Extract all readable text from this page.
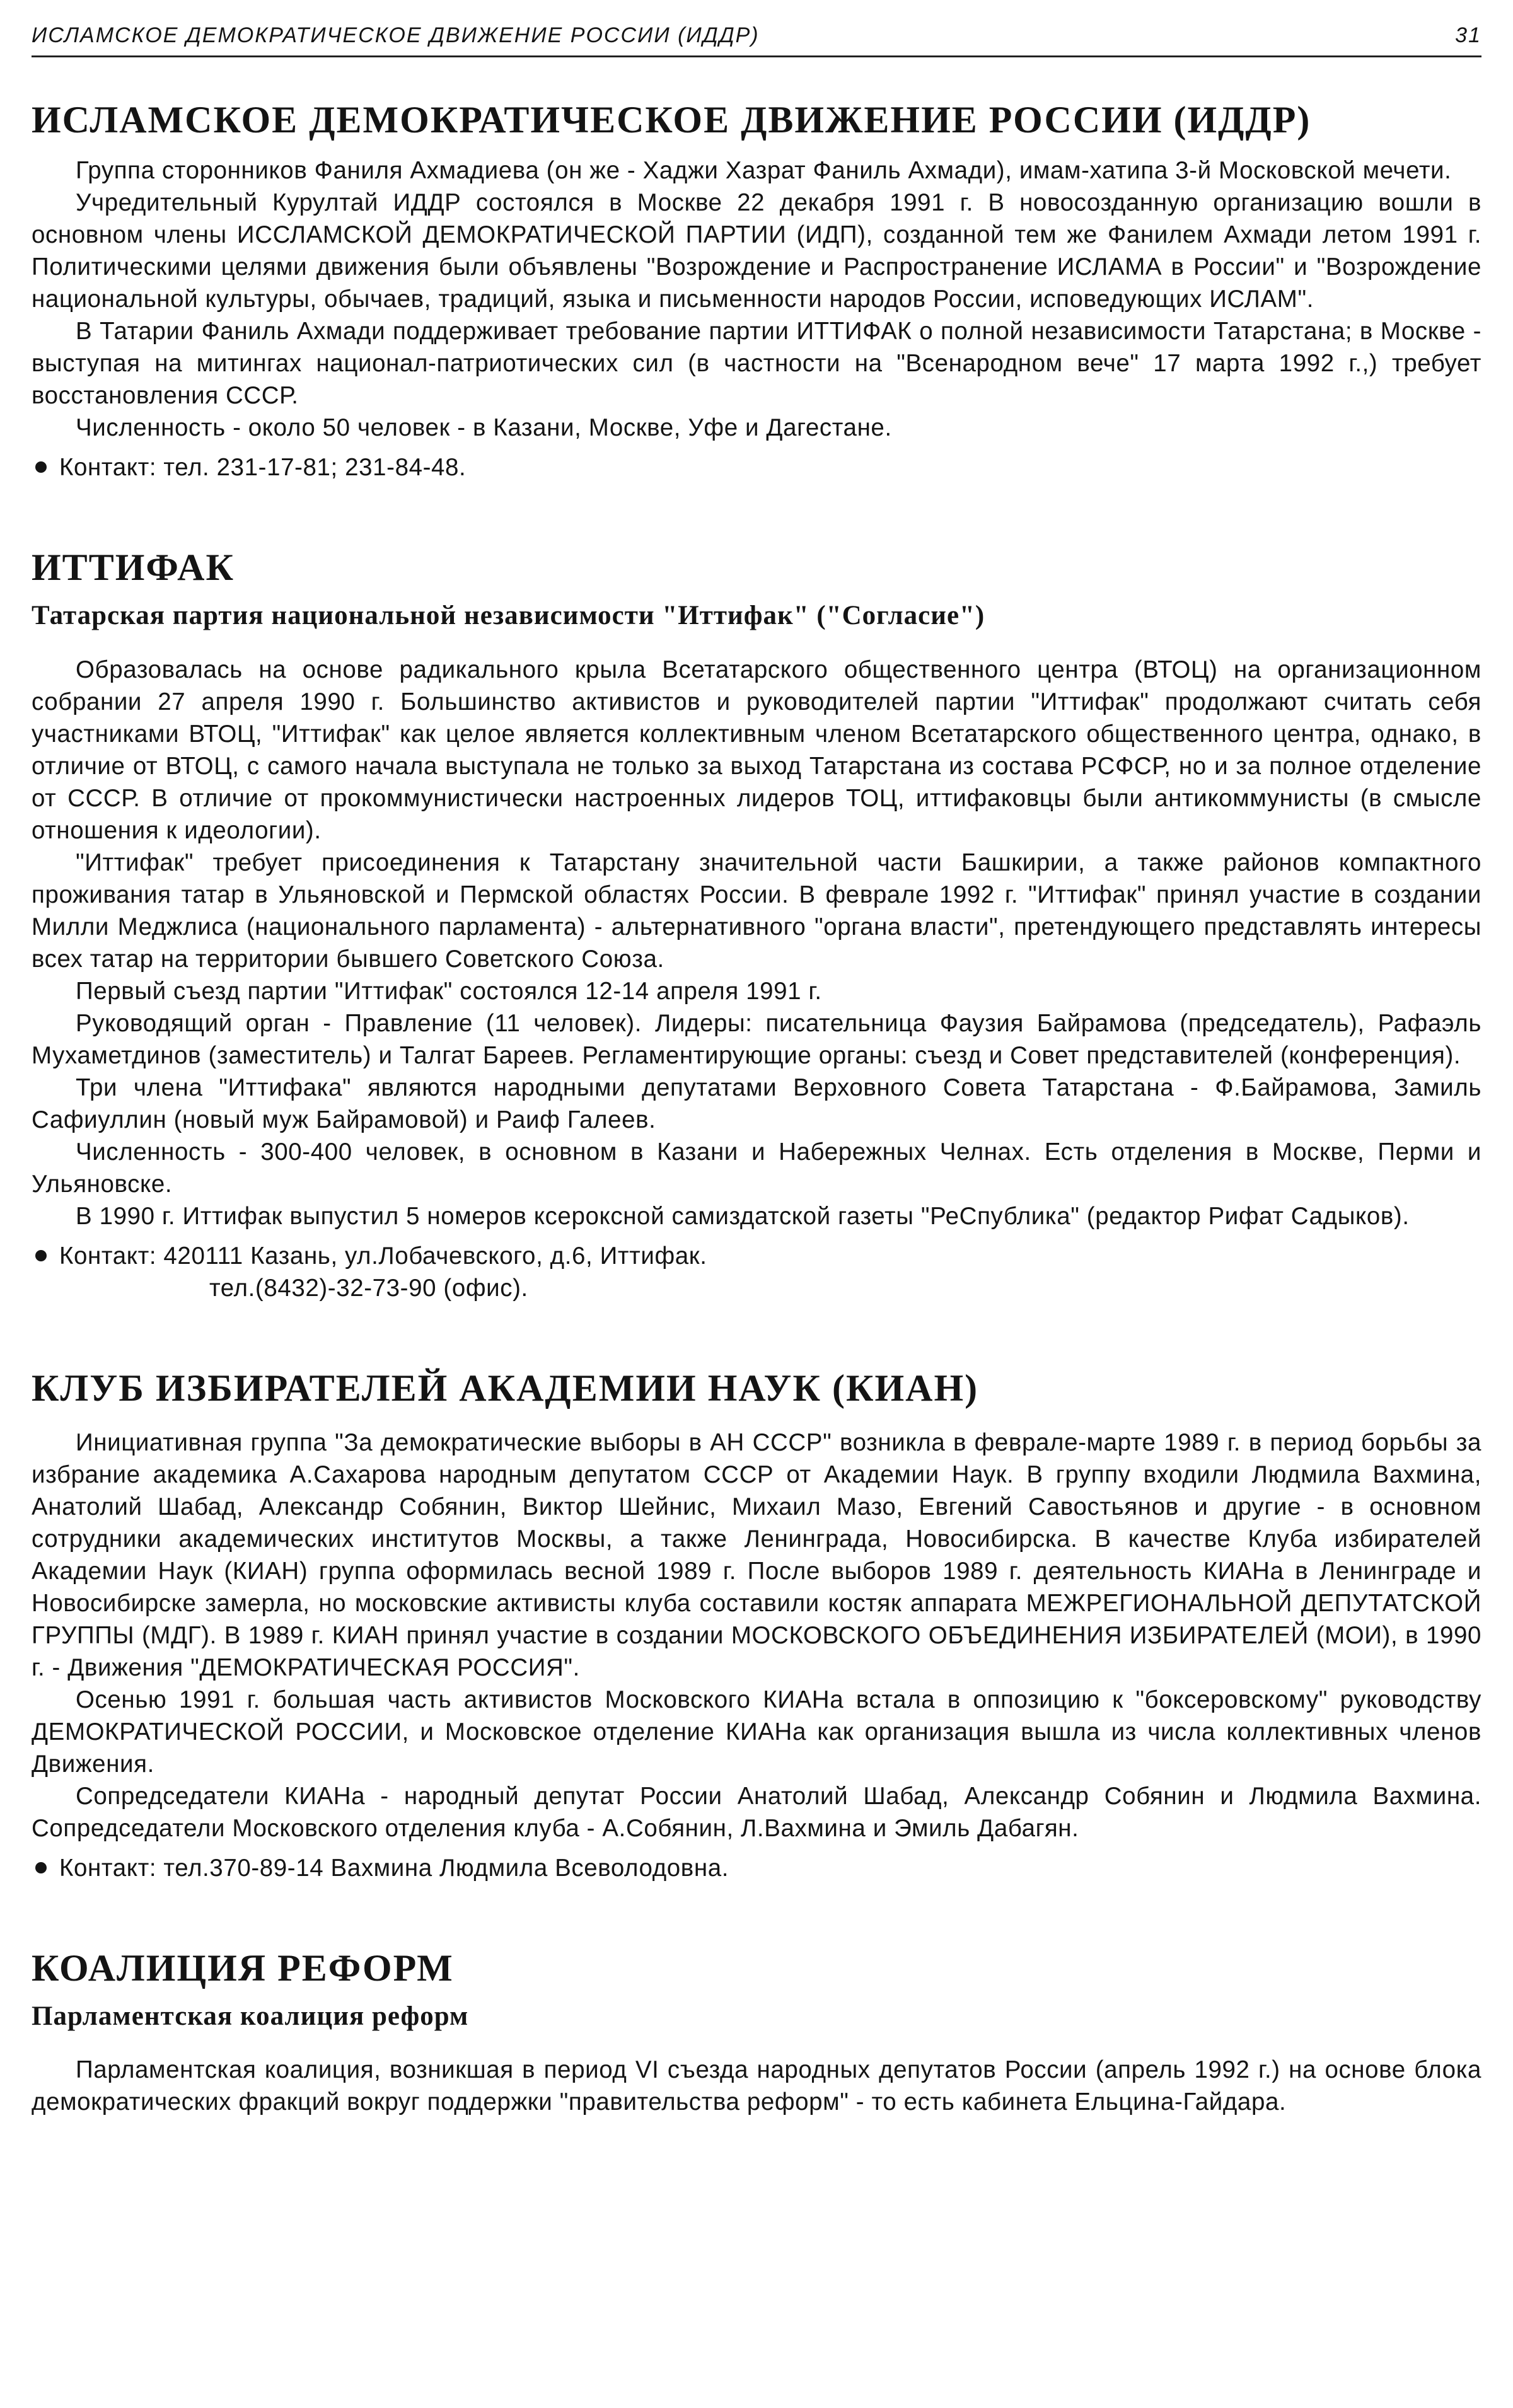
ИСЛАМСКОЕ ДЕМОКРАТИЧЕСКОЕ ДВИЖЕНИЕ РОССИИ (ИДДР)	31
ИСЛАМСКОЕ ДЕМОКРАТИЧЕСКОЕ ДВИЖЕНИЕ РОССИИ (ИДДР)

Группа сторонников Фаниля Ахмадиева (он же - Хаджи Хазрат Фаниль Ахмади), имам-хатипа 3-й Московской мечети.

Учредительный Курултай ИДДР состоялся в Москве 22 декабря 1991 г. В новосозданную организацию вошли в основном члены ИССЛАМСКОЙ ДЕМОКРАТИЧЕСКОЙ ПАРТИИ (ИДП), созданной тем же Фанилем Ахмади летом 1991 г. Политическими целями движения были объявлены "Возрождение и Распространение ИСЛАМА в России" и "Возрождение национальной культуры, обычаев, традиций, языка и письменности народов России, исповедующих ИСЛАМ".

В Татарии Фаниль Ахмади поддерживает требование партии ИТТИФАК о полной независимости Татарстана; в Москве - выступая на митингах национал-патриотических сил (в частности на "Всенародном вече" 17 марта 1992 г.,) требует восстановления СССР.

Численность - около 50 человек - в Казани, Москве, Уфе и Дагестане.

Контакт: тел. 231-17-81; 231-84-48.
ИТТИФАК
Татарская партия национальной независимости "Иттифак" ("Согласие")

Образовалась на основе радикального крыла Всетатарского общественного центра (ВТОЦ) на организационном собрании 27 апреля 1990 г. Большинство активистов и руководителей партии "Иттифак" продолжают считать себя участниками ВТОЦ, "Иттифак" как целое является коллективным членом Всетатарского общественного центра, однако, в отличие от ВТОЦ, с самого начала выступала не только за выход Татарстана из состава РСФСР, но и за полное отделение от СССР. В отличие от прокоммунистически настроенных лидеров ТОЦ, иттифаковцы были антикоммунисты (в смысле отношения к идеологии).

"Иттифак" требует присоединения к Татарстану значительной части Башкирии, а также районов компактного проживания татар в Ульяновской и Пермской областях России. В феврале 1992 г. "Иттифак" принял участие в создании Милли Меджлиса (национального парламента) - альтернативного "органа власти", претендующего представлять интересы всех татар на территории бывшего Советского Союза.

Первый съезд партии "Иттифак" состоялся 12-14 апреля 1991 г.

Руководящий орган - Правление (11 человек). Лидеры: писательница Фаузия Байрамова (председатель), Рафаэль Мухаметдинов (заместитель) и Талгат Бареев. Регламентирующие органы: съезд и Совет представителей (конференция).

Три члена "Иттифака" являются народными депутатами Верховного Совета Татарстана - Ф.Байрамова, Замиль Сафиуллин (новый муж Байрамовой) и Раиф Галеев.

Численность - 300-400 человек, в основном в Казани и Набережных Челнах. Есть отделения в Москве, Перми и Ульяновске.

В 1990 г. Иттифак выпустил 5 номеров ксероксной самиздатской газеты "РеСпублика" (редактор Рифат Садыков).

Контакт: 420111 Казань, ул.Лобачевского, д.6, Иттифак.
тел.(8432)-32-73-90 (офис).
КЛУБ ИЗБИРАТЕЛЕЙ АКАДЕМИИ НАУК (КИАН)

Инициативная группа "За демократические выборы в АН СССР" возникла в феврале-марте 1989 г. в период борьбы за избрание академика А.Сахарова народным депутатом СССР от Академии Наук. В группу входили Людмила Вахмина, Анатолий Шабад, Александр Собянин, Виктор Шейнис, Михаил Мазо, Евгений Савостьянов и другие - в основном сотрудники академических институтов Москвы, а также Ленинграда, Новосибирска. В качестве Клуба избирателей Академии Наук (КИАН) группа оформилась весной 1989 г. После выборов 1989 г. деятельность КИАНа в Ленинграде и Новосибирске замерла, но московские активисты клуба составили костяк аппарата МЕЖРЕГИОНАЛЬНОЙ ДЕПУТАТСКОЙ ГРУППЫ (МДГ). В 1989 г. КИАН принял участие в создании МОСКОВСКОГО ОБЪЕДИНЕНИЯ ИЗБИРАТЕЛЕЙ (МОИ), в 1990 г. - Движения "ДЕМОКРАТИЧЕСКАЯ РОССИЯ".

Осенью 1991 г. большая часть активистов Московского КИАНа встала в оппозицию к "боксеровскому" руководству ДЕМОКРАТИЧЕСКОЙ РОССИИ, и Московское отделение КИАНа как организация вышла из числа коллективных членов Движения.

Сопредседатели КИАНа - народный депутат России Анатолий Шабад, Александр Собянин и Людмила Вахмина. Сопредседатели Московского отделения клуба - А.Собянин, Л.Вахмина и Эмиль Дабагян.

Контакт: тел.370-89-14 Вахмина Людмила Всеволодовна.
КОАЛИЦИЯ РЕФОРМ
Парламентская коалиция реформ

Парламентская коалиция, возникшая в период VI съезда народных депутатов России (апрель 1992 г.) на основе блока демократических фракций вокруг поддержки "правительства реформ" - то есть кабинета Ельцина-Гайдара.
